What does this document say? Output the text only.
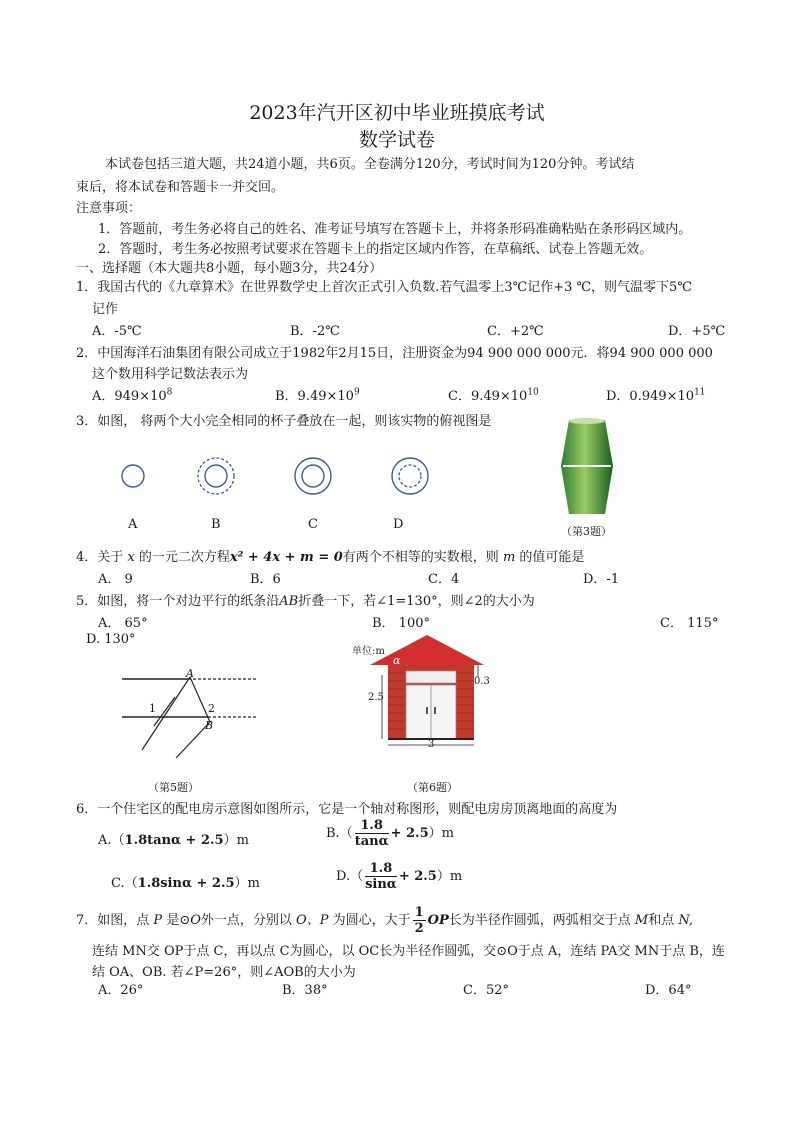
2023年汽开区初中毕业班摸底考试
数学试卷
本试卷包括三道大题，共24道小题，共6页。全卷满分120分，考试时间为120分钟。考试结
束后，将本试卷和答题卡一并交回。
注意事项：
1．答题前，考生务必将自己的姓名、准考证号填写在答题卡上，并将条形码准确粘贴在条形码区域内。
2．答题时，考生务必按照考试要求在答题卡上的指定区域内作答，在草稿纸、试卷上答题无效。
一、选择题（本大题共8小题，每小题3分，共24分）
1．我国古代的《九章算术》在世界数学史上首次正式引入负数.若气温零上3℃记作+3 ℃，则气温零下5℃
记作
A．-5℃	B．-2℃	C．+2℃	D．+5℃
2．中国海洋石油集团有限公司成立于1982年2月15日，注册资金为94 900 000 000元．将94 900 000 000
这个数用科学记数法表示为
A．$949\times 10^8$	B．$9.49\times 10^9$	C．$9.49\times 10^{10}$	D．$0.949\times 10^{11}$
3．如图， 将两个大小完全相同的杯子叠放在一起，则该实物的俯视图是
A	B	C	D	（第3题）
4．关于 x 的一元二次方程x² + 4x + m = 0有两个不相等的实数根，则 m 的值可能是
A． 9	B．6	C．4	D．-1
5．如图，将一个对边平行的纸条沿AB折叠一下，若∠1=130°，则∠2的大小为
A． 65°	B． 100°	C． 115°
D. 130°
A
B
1	2
（第5题）
单位:m
α
2.5
0.3
3
（第6题）
6．一个住宅区的配电房示意图如图所示，它是一个轴对称图形，则配电房房顶离地面的高度为
A.（1.8tanα + 2.5）m	$B.( \frac{1.8}{\tan\alpha} + 2.5)m$
C.（1.8sinα + 2.5）m	$D.( \frac{1.8}{\sin\alpha} + 2.5)m$
7．如图，点 P 是⊙O外一点，分别以 O、P 为圆心，大于 $\frac{1}{2}$ OP长为半径作圆弧，两弧相交于点 M和点 N,
连结 MN交 OP于点 C，再以点 C为圆心，以 OC长为半径作圆弧，交⊙O于点 A，连结 PA交 MN于点 B，连
结 OA、OB. 若∠P=26°，则∠AOB的大小为
A．26°	B．38°	C．52°	D．64°
